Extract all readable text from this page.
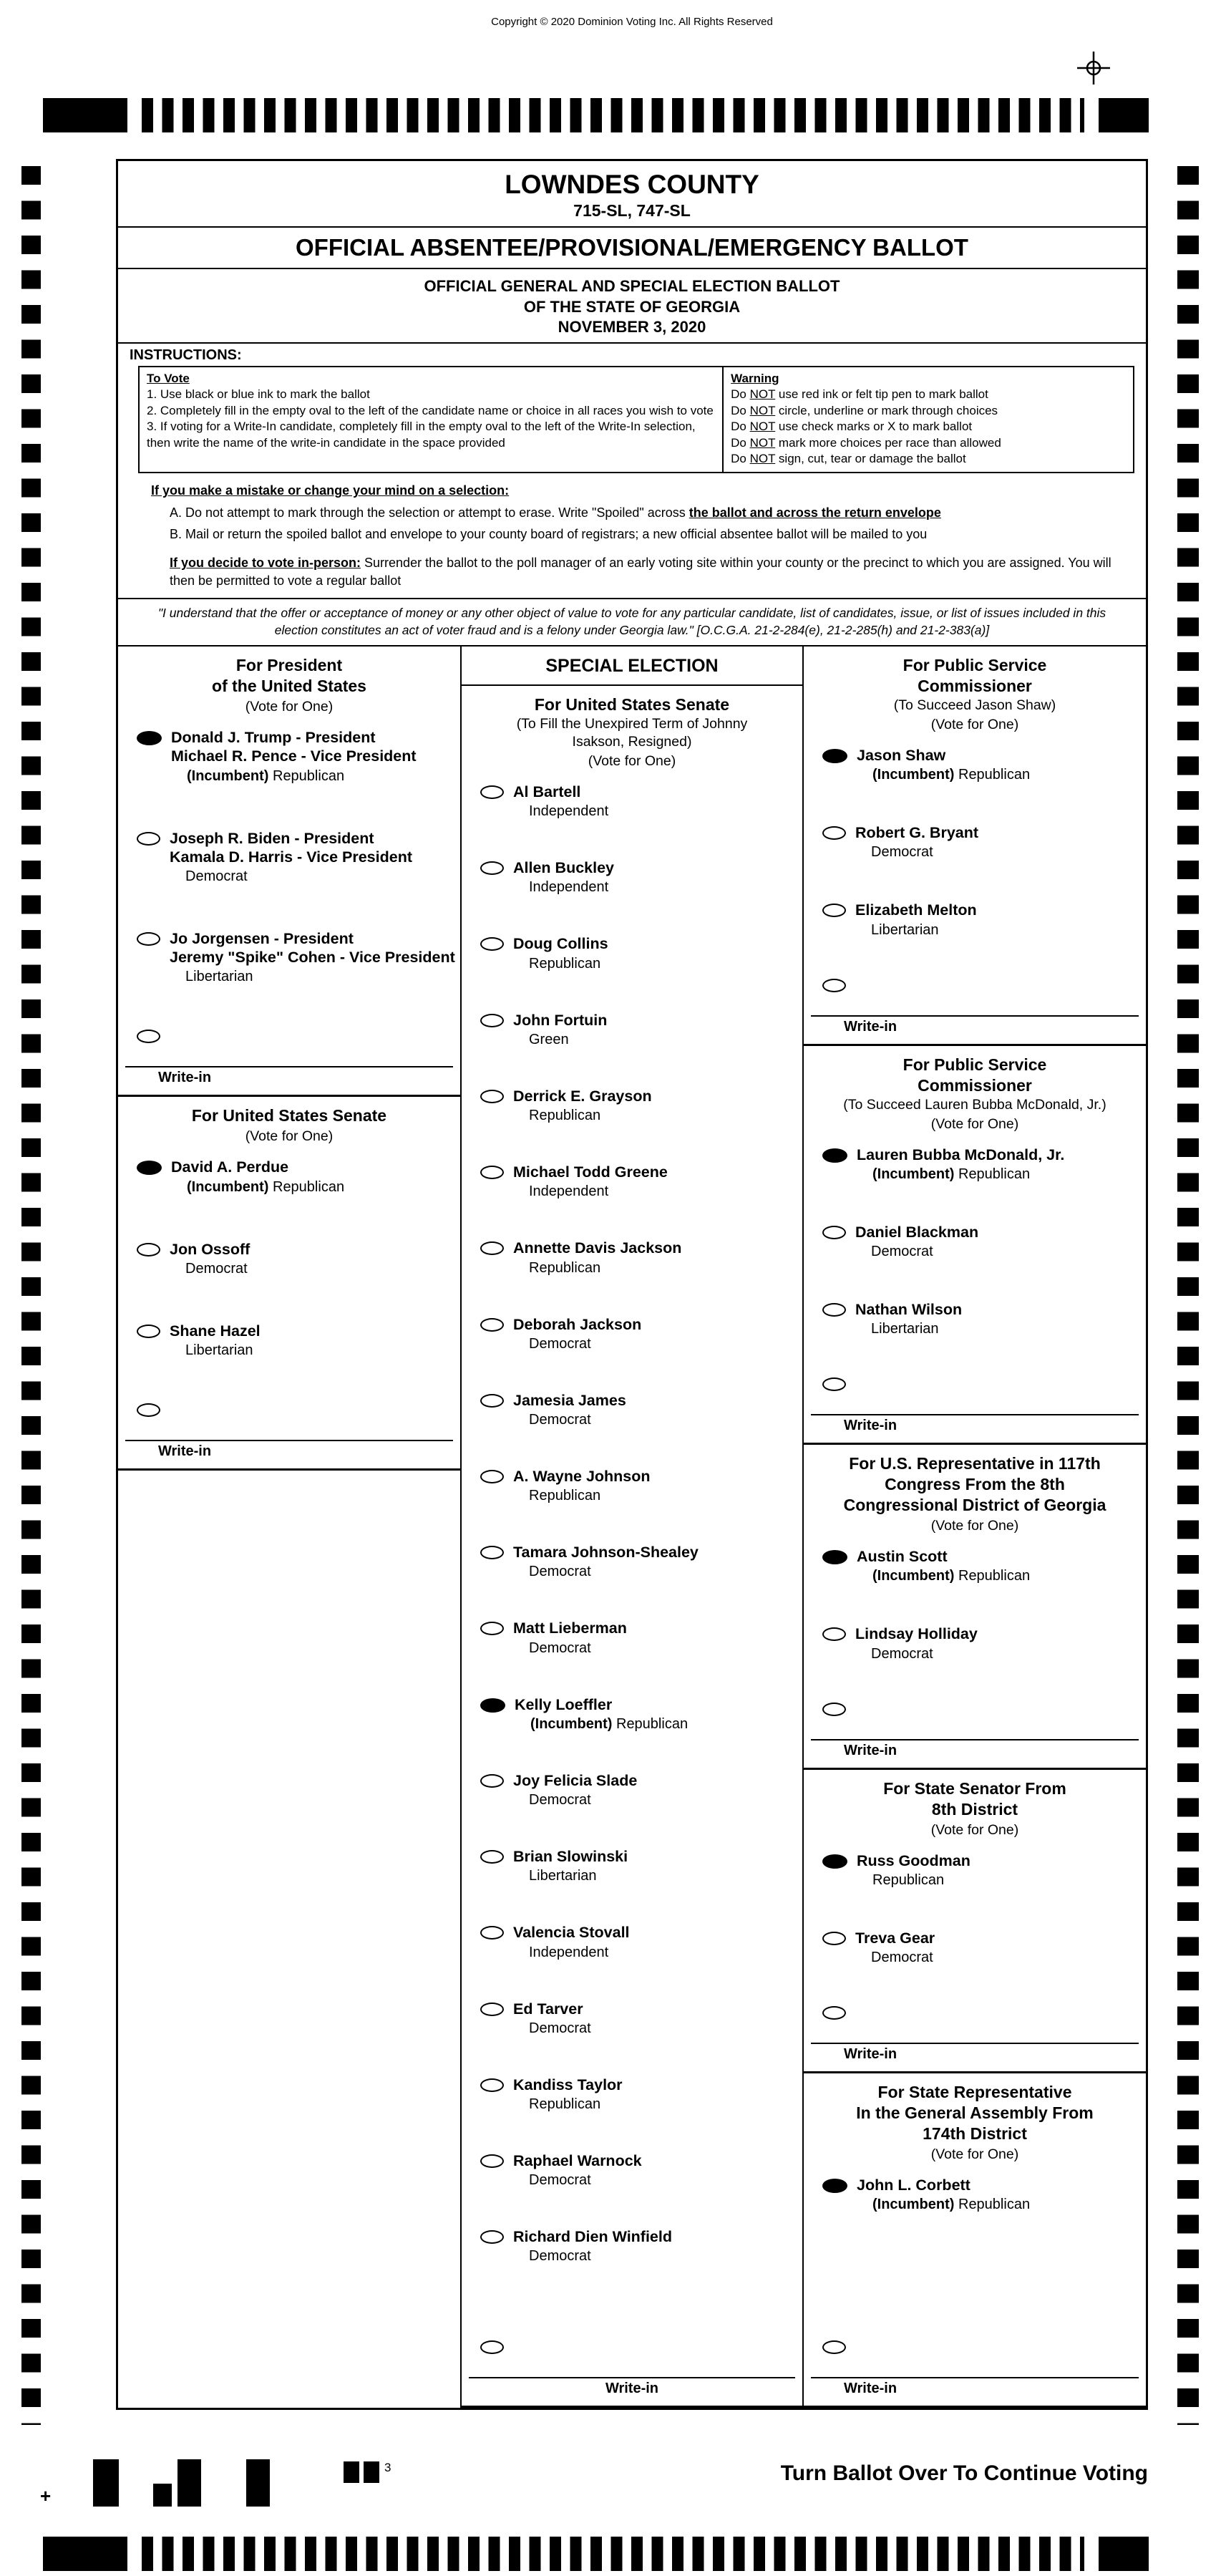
Copyright © 2020 Dominion Voting Inc. All Rights Reserved
LOWNDES COUNTY
715-SL, 747-SL
OFFICIAL ABSENTEE/PROVISIONAL/EMERGENCY BALLOT
OFFICIAL GENERAL AND SPECIAL ELECTION BALLOT
OF THE STATE OF GEORGIA
NOVEMBER 3, 2020
INSTRUCTIONS:
To Vote
1. Use black or blue ink to mark the ballot
2. Completely fill in the empty oval to the left of the candidate name or choice in all races you wish to vote
3. If voting for a Write-In candidate, completely fill in the empty oval to the left of the Write-In selection, then write the name of the write-in candidate in the space provided
Warning
Do NOT use red ink or felt tip pen to mark ballot
Do NOT circle, underline or mark through choices
Do NOT use check marks or X to mark ballot
Do NOT mark more choices per race than allowed
Do NOT sign, cut, tear or damage the ballot
If you make a mistake or change your mind on a selection:
A. Do not attempt to mark through the selection or attempt to erase. Write "Spoiled" across the ballot and across the return envelope
B. Mail or return the spoiled ballot and envelope to your county board of registrars; a new official absentee ballot will be mailed to you
If you decide to vote in-person: Surrender the ballot to the poll manager of an early voting site within your county or the precinct to which you are assigned. You will then be permitted to vote a regular ballot
"I understand that the offer or acceptance of money or any other object of value to vote for any particular candidate, list of candidates, issue, or list of issues included in this election constitutes an act of voter fraud and is a felony under Georgia law." [O.C.G.A. 21-2-284(e), 21-2-285(h) and 21-2-383(a)]
For President
of the United States
(Vote for One)
Donald J. Trump - President
Michael R. Pence - Vice President
(Incumbent) Republican
Joseph R. Biden - President
Kamala D. Harris - Vice President
Democrat
Jo Jorgensen - President
Jeremy "Spike" Cohen - Vice President
Libertarian
Write-in
For United States Senate
(Vote for One)
David A. Perdue
(Incumbent) Republican
Jon Ossoff
Democrat
Shane Hazel
Libertarian
Write-in
SPECIAL ELECTION
For United States Senate
(To Fill the Unexpired Term of Johnny
Isakson, Resigned)
(Vote for One)
Al Bartell
Independent
Allen Buckley
Independent
Doug Collins
Republican
John Fortuin
Green
Derrick E. Grayson
Republican
Michael Todd Greene
Independent
Annette Davis Jackson
Republican
Deborah Jackson
Democrat
Jamesia James
Democrat
A. Wayne Johnson
Republican
Tamara Johnson-Shealey
Democrat
Matt Lieberman
Democrat
Kelly Loeffler
(Incumbent) Republican
Joy Felicia Slade
Democrat
Brian Slowinski
Libertarian
Valencia Stovall
Independent
Ed Tarver
Democrat
Kandiss Taylor
Republican
Raphael Warnock
Democrat
Richard Dien Winfield
Democrat
Write-in
For Public Service
Commissioner
(To Succeed Jason Shaw)
(Vote for One)
Jason Shaw
(Incumbent) Republican
Robert G. Bryant
Democrat
Elizabeth Melton
Libertarian
Write-in
For Public Service
Commissioner
(To Succeed Lauren Bubba McDonald, Jr.)
(Vote for One)
Lauren Bubba McDonald, Jr.
(Incumbent) Republican
Daniel Blackman
Democrat
Nathan Wilson
Libertarian
Write-in
For U.S. Representative in 117th
Congress From the 8th
Congressional District of Georgia
(Vote for One)
Austin Scott
(Incumbent) Republican
Lindsay Holliday
Democrat
Write-in
For State Senator From
8th District
(Vote for One)
Russ Goodman
Republican
Treva Gear
Democrat
Write-in
For State Representative
In the General Assembly From
174th District
(Vote for One)
John L. Corbett
(Incumbent) Republican
Write-in
+
3	Turn Ballot Over To Continue Voting
